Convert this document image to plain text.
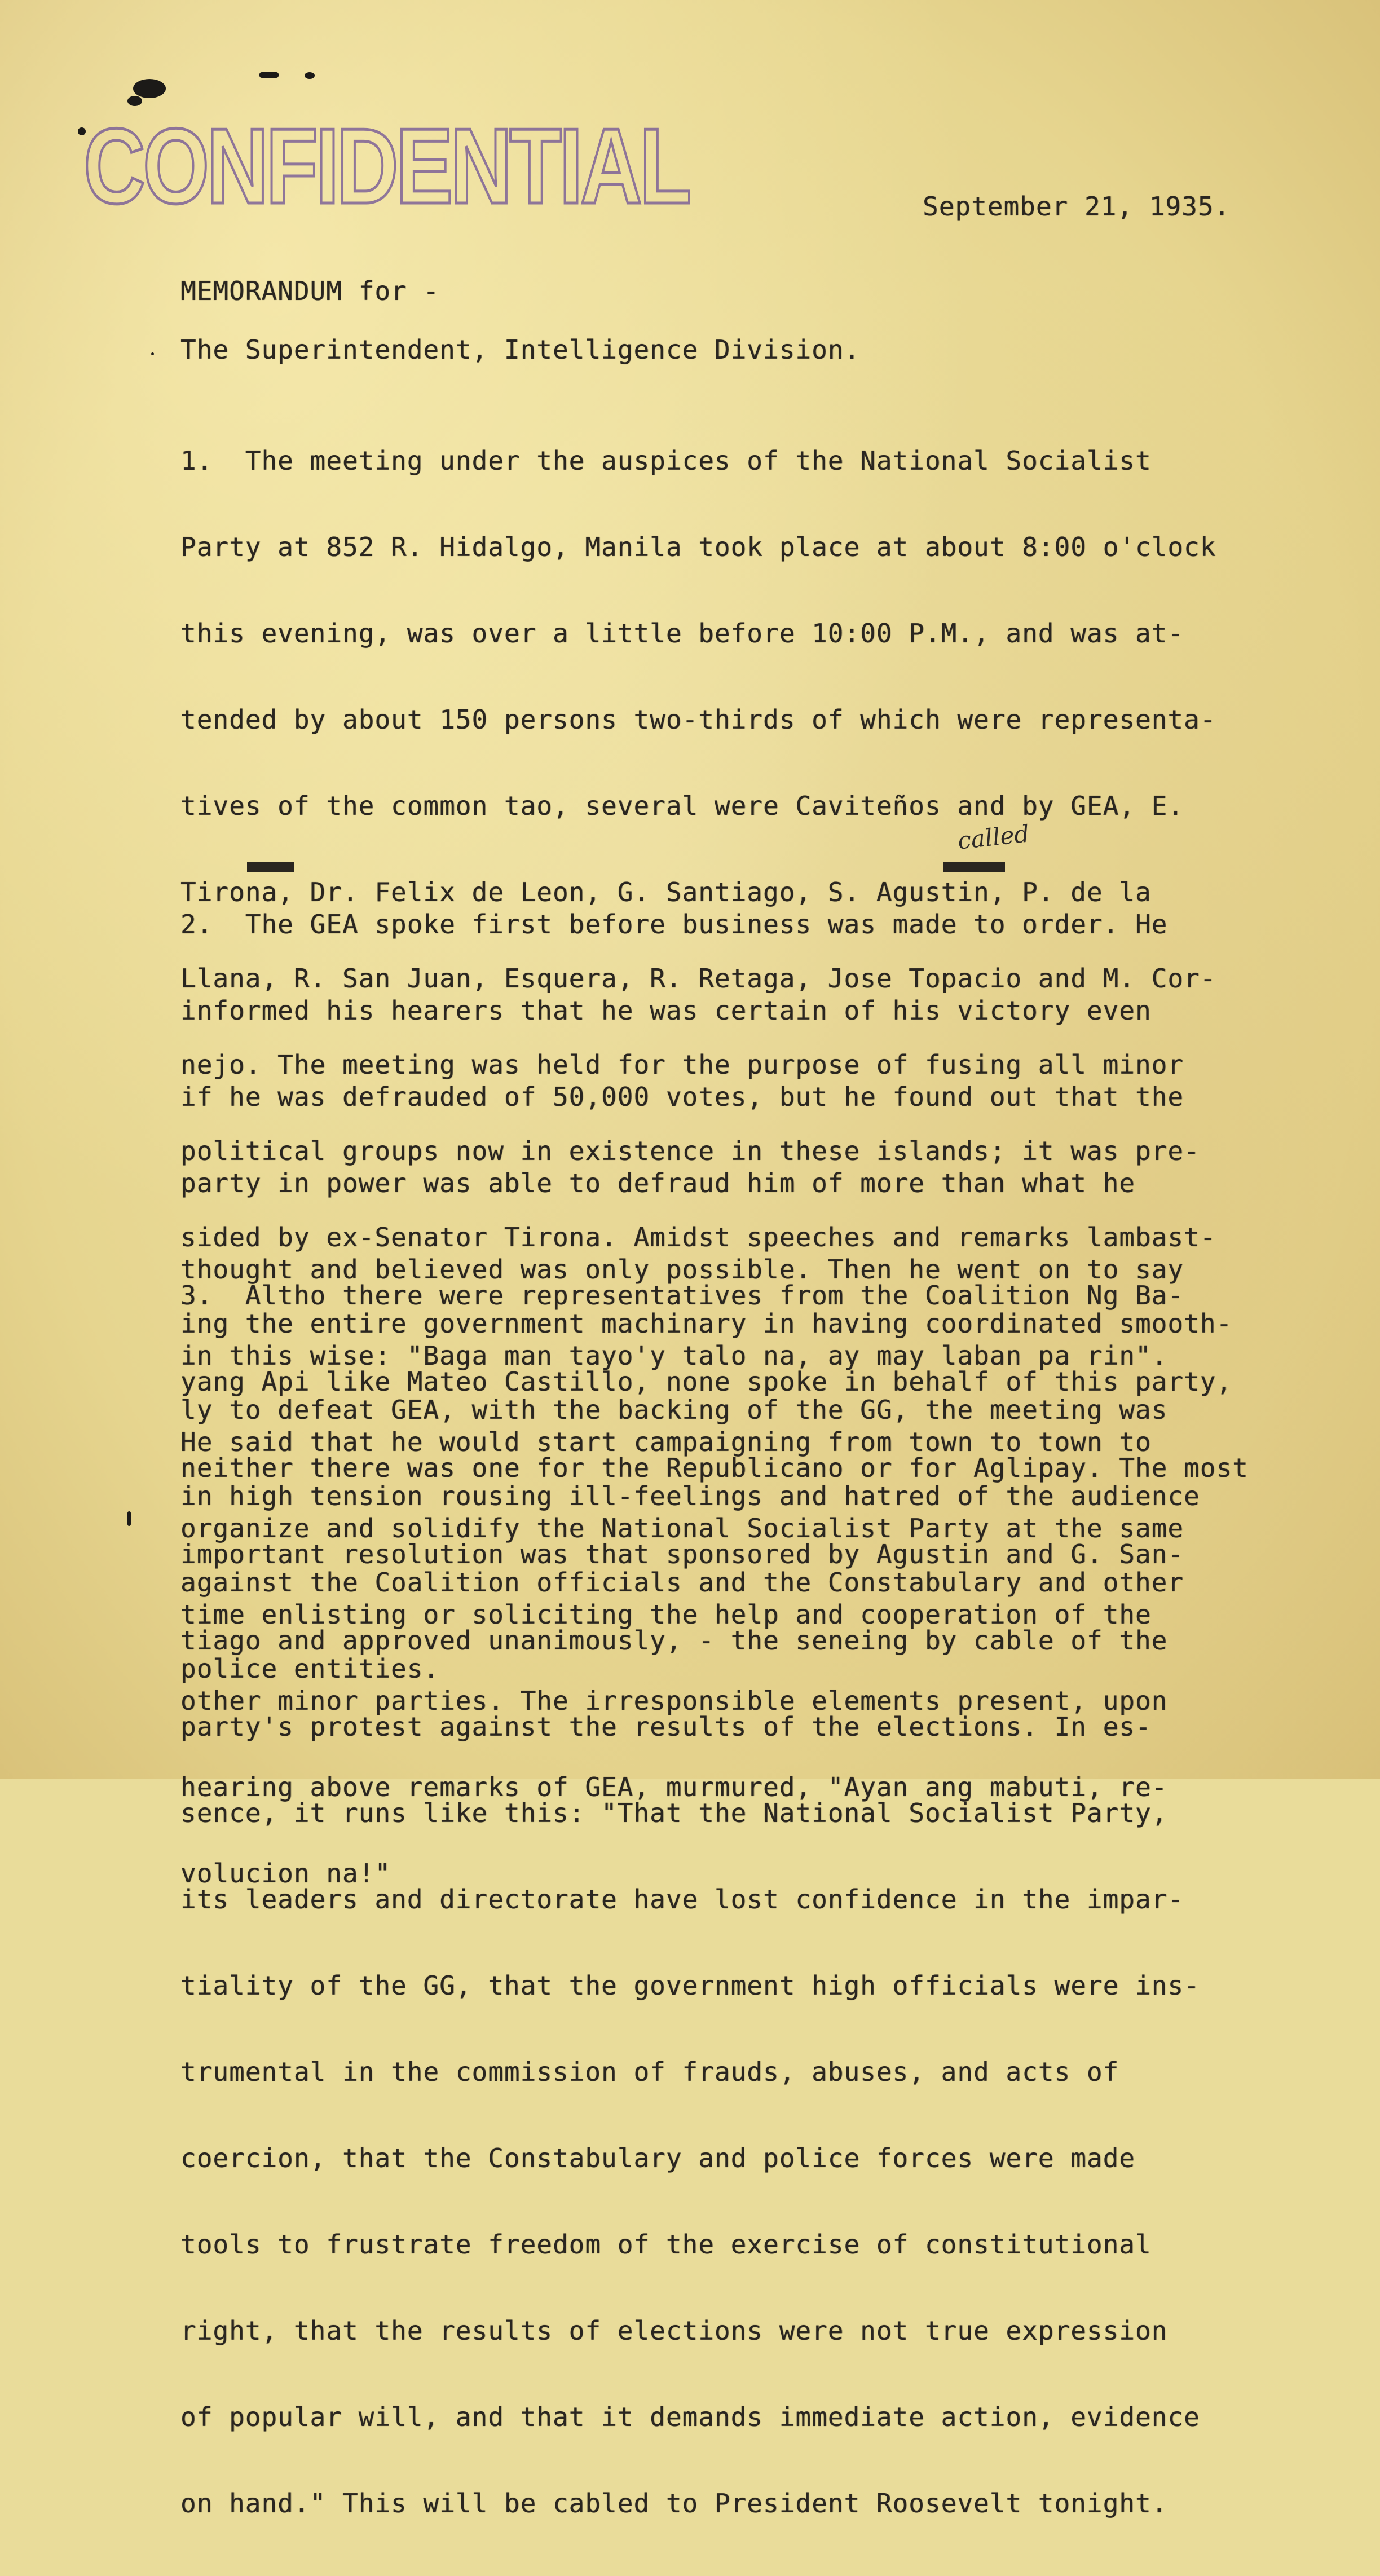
CONFIDENTIAL	September 21, 1935.
MEMORANDUM for -
The Superintendent, Intelligence Division.

1.  The meeting under the auspices of the National Socialist

Party at 852 R. Hidalgo, Manila took place at about 8:00 o'clock

this evening, was over a little before 10:00 P.M., and was at-

tended by about 150 persons two-thirds of which were representa-

tives of the common tao, several were Caviteños and by GEA, E.

Tirona, Dr. Felix de Leon, G. Santiago, S. Agustin, P. de la

Llana, R. San Juan, Esquera, R. Retaga, Jose Topacio and M. Cor-

nejo. The meeting was held for the purpose of fusing all minor

political groups now in existence in these islands; it was pre-

sided by ex-Senator Tirona. Amidst speeches and remarks lambast-

ing the entire government machinary in having coordinated smooth-

ly to defeat GEA, with the backing of the GG, the meeting was

in high tension rousing ill-feelings and hatred of the audience

against the Coalition officials and the Constabulary and other

police entities.

called

2.  The GEA spoke first before business was made to order. He

informed his hearers that he was certain of his victory even

if he was defrauded of 50,000 votes, but he found out that the

party in power was able to defraud him of more than what he

thought and believed was only possible. Then he went on to say

in this wise: "Baga man tayo'y talo na, ay may laban pa rin".

He said that he would start campaigning from town to town to

organize and solidify the National Socialist Party at the same

time enlisting or soliciting the help and cooperation of the

other minor parties. The irresponsible elements present, upon

hearing above remarks of GEA, murmured, "Ayan ang mabuti, re-

volucion na!"

3.  Altho there were representatives from the Coalition Ng Ba-

yang Api like Mateo Castillo, none spoke in behalf of this party,

neither there was one for the Republicano or for Aglipay. The most

important resolution was that sponsored by Agustin and G. San-

tiago and approved unanimously, - the seneing by cable of the

party's protest against the results of the elections. In es-

sence, it runs like this: "That the National Socialist Party,

its leaders and directorate have lost confidence in the impar-

tiality of the GG, that the government high officials were ins-

trumental in the commission of frauds, abuses, and acts of

coercion, that the Constabulary and police forces were made

tools to frustrate freedom of the exercise of constitutional

right, that the results of elections were not true expression

of popular will, and that it demands immediate action, evidence

on hand." This will be cabled to President Roosevelt tonight.
